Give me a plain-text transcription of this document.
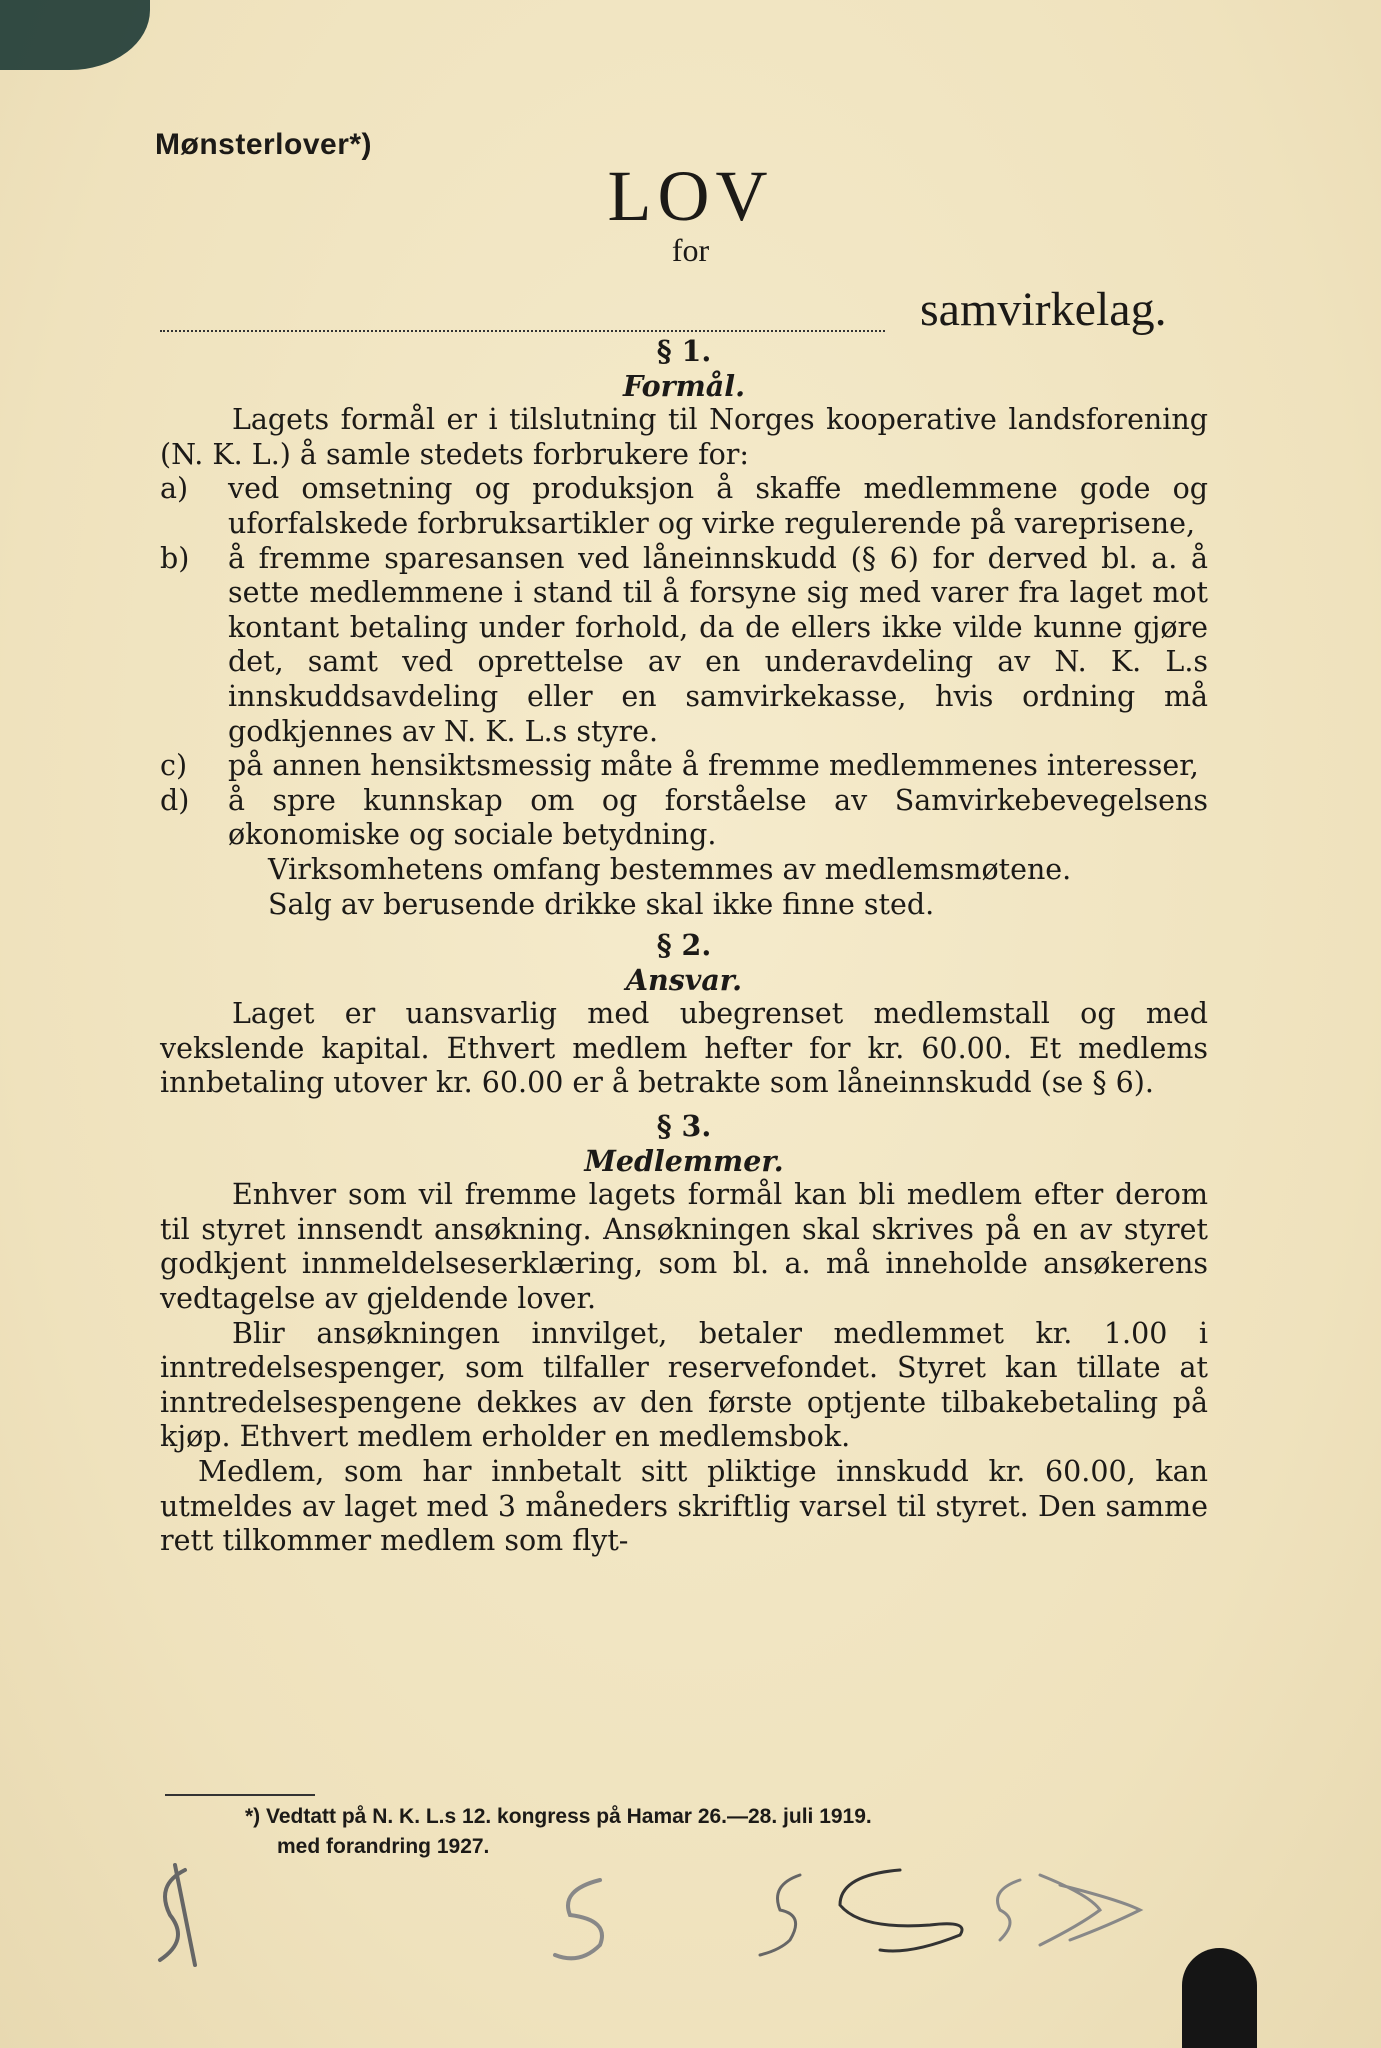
Mønsterlover*)
LOV
for
samvirkelag.
§ 1.
Formål.

Lagets formål er i tilslutning til Norges kooperative landsforening (N. K. L.) å samle stedets forbrukere for:

a)	ved omsetning og produksjon å skaffe medlemmene gode og uforfalskede forbruksartikler og virke regulerende på vareprisene,
b)	å fremme sparesansen ved låneinnskudd (§ 6) for derved bl. a. å sette medlemmene i stand til å forsyne sig med varer fra laget mot kontant betaling under forhold, da de ellers ikke vilde kunne gjøre det, samt ved oprettelse av en underavdeling av N. K. L.s innskuddsavdeling eller en samvirkekasse, hvis ordning må godkjennes av N. K. L.s styre.
c)	på annen hensiktsmessig måte å fremme medlemmenes interesser,
d)	å spre kunnskap om og forståelse av Samvirkebevegelsens økonomiske og sociale betydning.

Virksomhetens omfang bestemmes av medlemsmøtene.

Salg av berusende drikke skal ikke finne sted.

§ 2.
Ansvar.

Laget er uansvarlig med ubegrenset medlemstall og med vekslende kapital. Ethvert medlem hefter for kr. 60.00. Et medlems innbetaling utover kr. 60.00 er å betrakte som låneinnskudd (se § 6).

§ 3.
Medlemmer.

Enhver som vil fremme lagets formål kan bli medlem efter derom til styret innsendt ansøkning. Ansøkningen skal skrives på en av styret godkjent innmeldelseserklæring, som bl. a. må inneholde ansøkerens vedtagelse av gjeldende lover.

Blir ansøkningen innvilget, betaler medlemmet kr. 1.00 i inntredelsespenger, som tilfaller reservefondet. Styret kan tillate at inntredelsespengene dekkes av den første optjente tilbakebetaling på kjøp. Ethvert medlem erholder en medlemsbok.

Medlem, som har innbetalt sitt pliktige innskudd kr. 60.00, kan utmeldes av laget med 3 måneders skriftlig varsel til styret. Den samme rett tilkommer medlem som flyt-

*) Vedtatt på N. K. L.s 12. kongress på Hamar 26.—28. juli 1919.
med forandring 1927.
